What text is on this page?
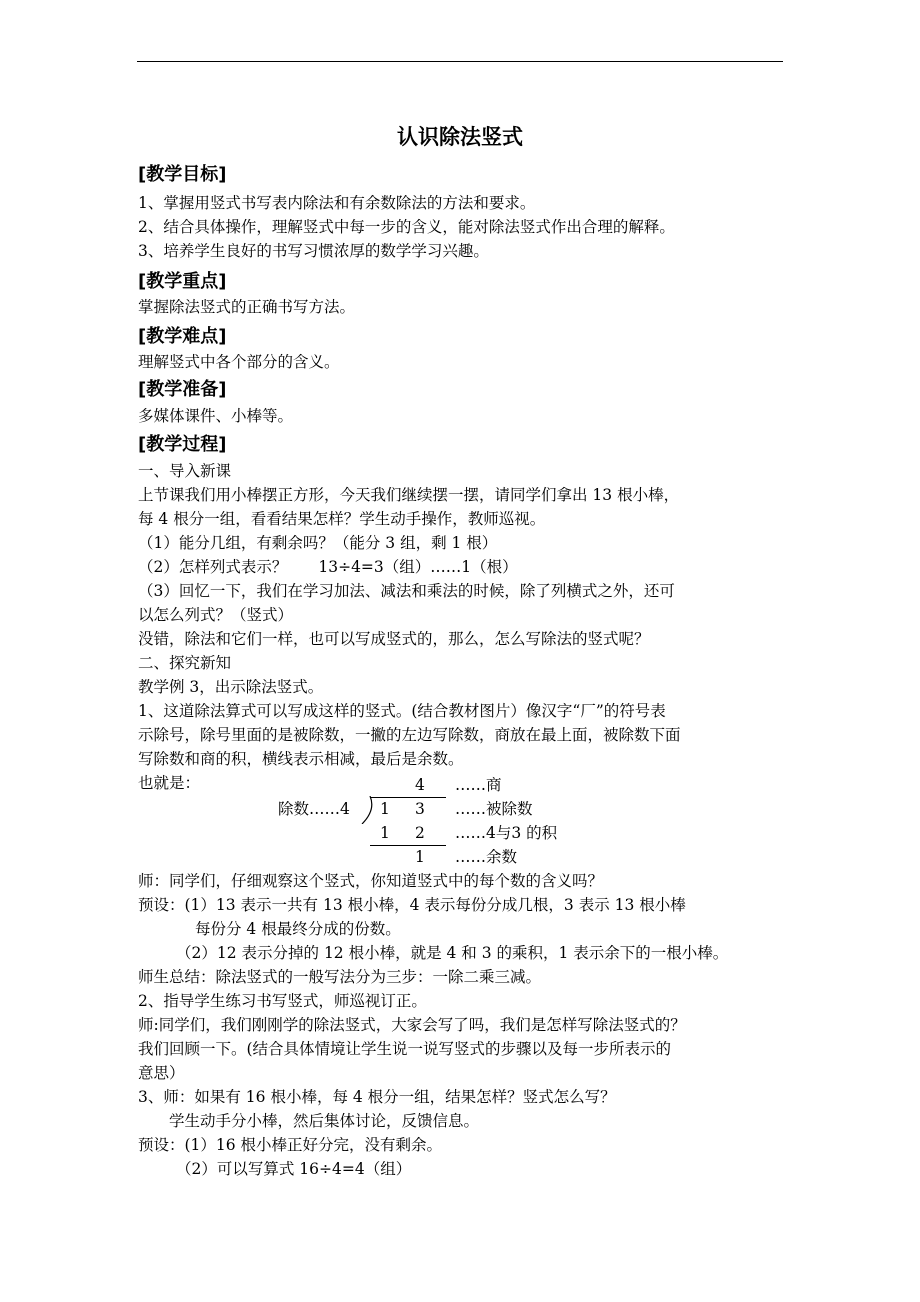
认识除法竖式
[教学目标]
1、掌握用竖式书写表内除法和有余数除法的方法和要求。
2、结合具体操作，理解竖式中每一步的含义，能对除法竖式作出合理的解释。
3、培养学生良好的书写习惯浓厚的数学学习兴趣。
[教学重点]
掌握除法竖式的正确书写方法。
[教学难点]
理解竖式中各个部分的含义。
[教学准备]
多媒体课件、小棒等。
[教学过程]
一、导入新课
上节课我们用小棒摆正方形，今天我们继续摆一摆，请同学们拿出 13 根小棒，
每 4 根分一组，看看结果怎样？学生动手操作，教师巡视。
（1）能分几组，有剩余吗？（能分 3 组，剩 1 根）
（2）怎样列式表示？　　13÷4=3（组）……1（根）
（3）回忆一下，我们在学习加法、减法和乘法的时候，除了列横式之外，还可
以怎么列式？（竖式）
没错，除法和它们一样，也可以写成竖式的，那么，怎么写除法的竖式呢？
二、探究新知
教学例 3，出示除法竖式。
1、这道除法算式可以写成这样的竖式。(结合教材图片）像汉字“厂”的符号表
示除号，除号里面的是被除数，一撇的左边写除数，商放在最上面，被除数下面
写除数和商的积，横线表示相减，最后是余数。
也就是：	4 ……商
除数……4 1 3 ……被除数
1 2 ……4与3 的积
1 ……余数
师：同学们，仔细观察这个竖式，你知道竖式中的每个数的含义吗？
预设：(1）13 表示一共有 13 根小棒，4 表示每份分成几根，3 表示 13 根小棒
每份分 4 根最终分成的份数。
（2）12 表示分掉的 12 根小棒，就是 4 和 3 的乘积，1 表示余下的一根小棒。
师生总结：除法竖式的一般写法分为三步：一除二乘三减。
2、指导学生练习书写竖式，师巡视订正。
师:同学们，我们刚刚学的除法竖式，大家会写了吗，我们是怎样写除法竖式的？
我们回顾一下。(结合具体情境让学生说一说写竖式的步骤以及每一步所表示的
意思）
3、师：如果有 16 根小棒，每 4 根分一组，结果怎样？竖式怎么写？
学生动手分小棒，然后集体讨论，反馈信息。
预设：(1）16 根小棒正好分完，没有剩余。
（2）可以写算式 16÷4=4（组）
